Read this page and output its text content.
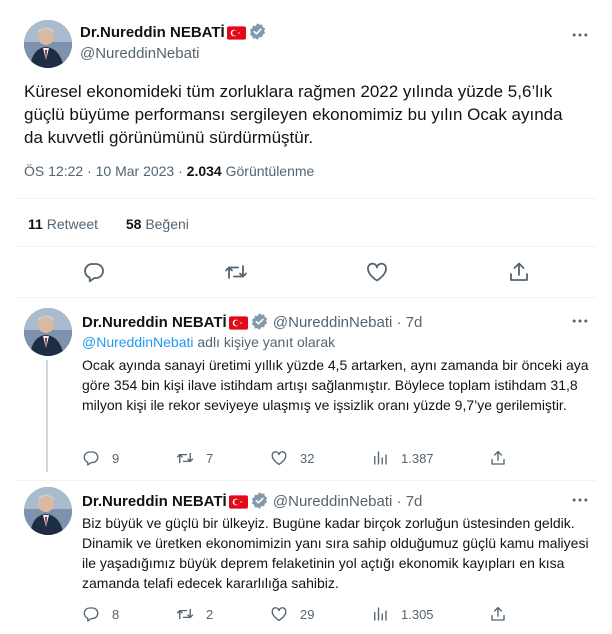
Dr.Nureddin NEBATİ
@NureddinNebati
Küresel ekonomideki tüm zorluklara rağmen 2022 yılında yüzde 5,6’lık güçlü büyüme performansı sergileyen ekonomimiz bu yılın Ocak ayında da kuvvetli görünümünü sürdürmüştür.
ÖS 12:22 · 10 Mar 2023 · 2.034 Görüntülenme
11 Retweet 58 Beğeni
Dr.Nureddin NEBATİ	@NureddinNebati · 7d
@NureddinNebati adlı kişiye yanıt olarak
Ocak ayında sanayi üretimi yıllık yüzde 4,5 artarken, aynı zamanda bir önceki aya göre 354 bin kişi ilave istihdam artışı sağlanmıştır. Böylece toplam istihdam 31,8 milyon kişi ile rekor seviyeye ulaşmış ve işsizlik oranı yüzde 9,7’ye gerilemiştir.
9	7	32	1.387
Dr.Nureddin NEBATİ	@NureddinNebati · 7d
Biz büyük ve güçlü bir ülkeyiz. Bugüne kadar birçok zorluğun üstesinden geldik. Dinamik ve üretken ekonomimizin yanı sıra sahip olduğumuz güçlü kamu maliyesi ile yaşadığımız büyük deprem felaketinin yol açtığı ekonomik kayıpları en kısa zamanda telafi edecek kararlılığa sahibiz.
8	2	29	1.305
